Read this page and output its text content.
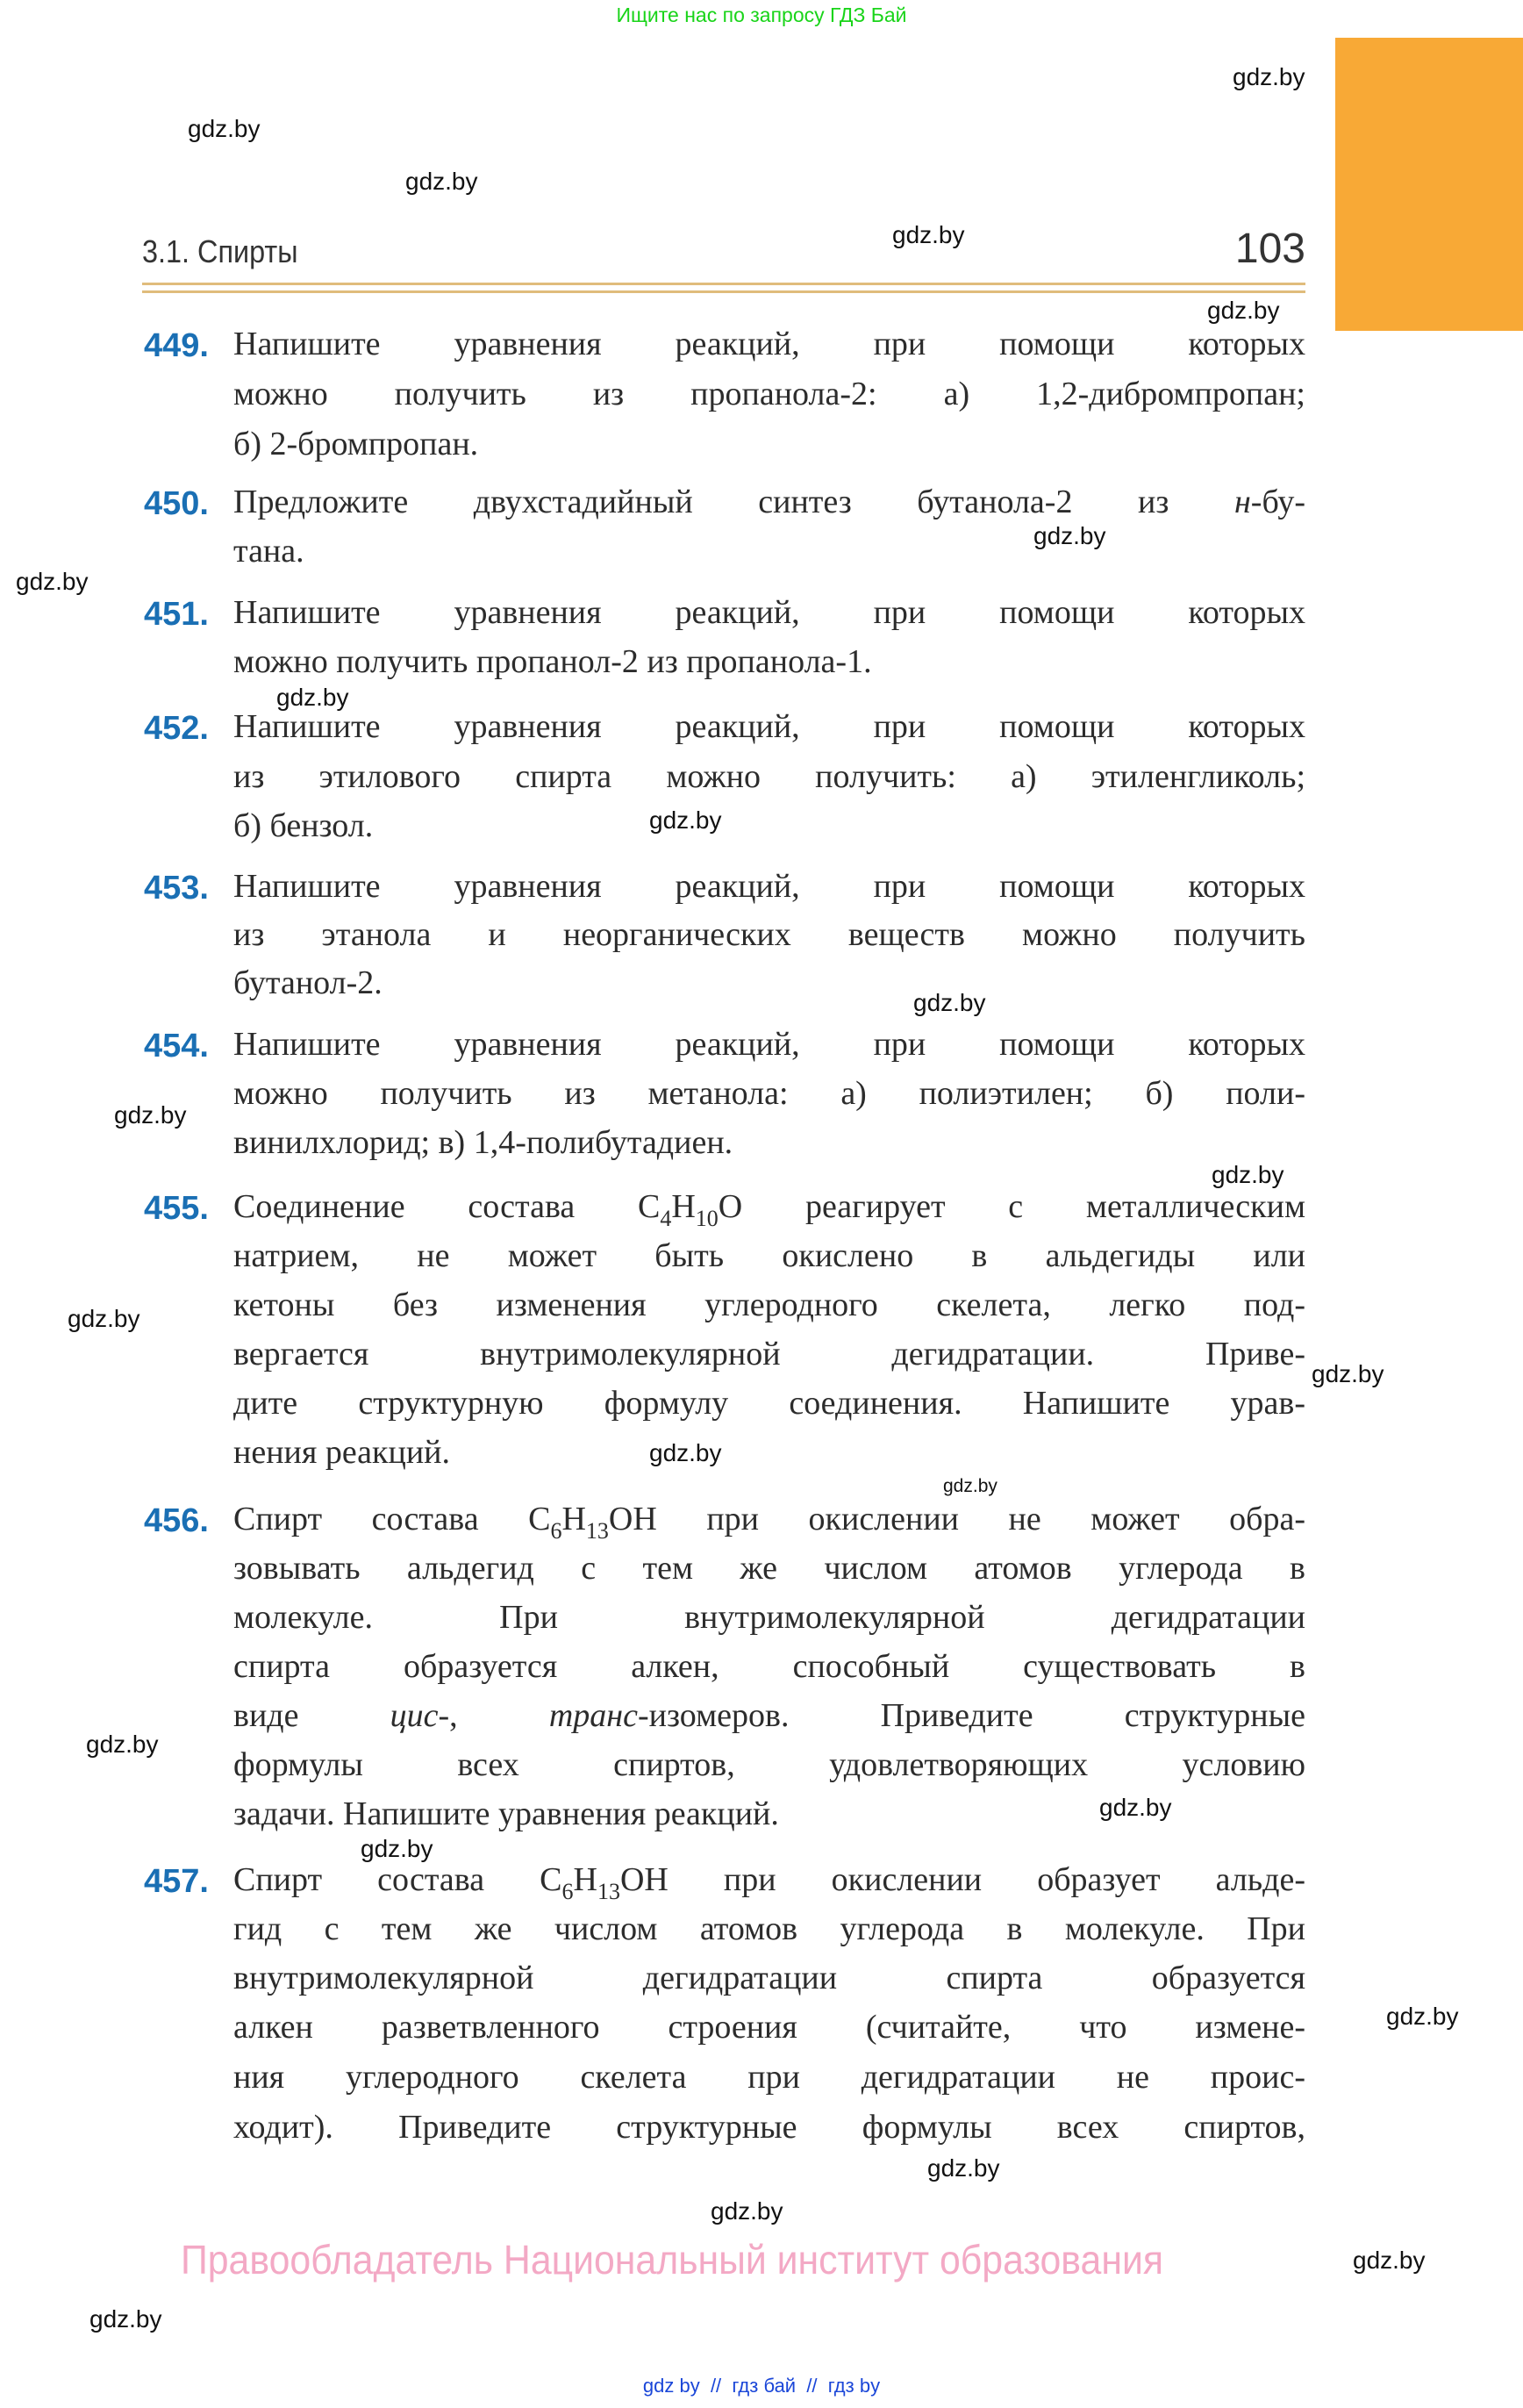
Ищите нас по запросу ГДЗ Бай
3.1. Спирты	103
449. Напишите уравнения реакций, при помощи которых
можно получить из пропанола-2: а) 1,2-дибромпропан;
б) 2-бромпропан.
450. Предложите двухстадийный синтез бутанола-2 из н-бу-
тана.
451. Напишите уравнения реакций, при помощи которых
можно получить пропанол-2 из пропанола-1.
452. Напишите уравнения реакций, при помощи которых
из этилового спирта можно получить: а) этиленгликоль;
б) бензол.
453. Напишите уравнения реакций, при помощи которых
из этанола и неорганических веществ можно получить
бутанол-2.
454. Напишите уравнения реакций, при помощи которых
можно получить из метанола: а) полиэтилен; б) поли-
винилхлорид; в) 1,4-полибутадиен.
455. Соединение состава $C_4H_{10}O$ реагирует с металлическим
натрием, не может быть окислено в альдегиды или
кетоны без изменения углеродного скелета, легко под-
вергается внутримолекулярной дегидратации. Приве-
дите структурную формулу соединения. Напишите урав-
нения реакций.
456. Спирт состава $C_6H_{13}OH$ при окислении не может обра-
зовывать альдегид с тем же числом атомов углерода в
молекуле. При внутримолекулярной дегидратации
спирта образуется алкен, способный существовать в
виде цис-, транс-изомеров. Приведите структурные
формулы всех спиртов, удовлетворяющих условию
задачи. Напишите уравнения реакций.
457. Спирт состава $C_6H_{13}OH$ при окислении образует альде-
гид с тем же числом атомов углерода в молекуле. При
внутримолекулярной дегидратации спирта образуется
алкен разветвленного строения (считайте, что измене-
ния углеродного скелета при дегидратации не проис-
ходит). Приведите структурные формулы всех спиртов,
gdz.by
gdz.by
gdz.by
gdz.by
gdz.by
gdz.by
gdz.by
gdz.by
gdz.by
gdz.by
gdz.by
gdz.by
gdz.by
gdz.by
gdz.by
gdz.by
gdz.by
gdz.by
gdz.by
gdz.by
gdz.by
gdz.by
gdz.by
gdz.by
Правообладатель Национальный институт образования
gdz by  //  гдз бай  //  гдз by
